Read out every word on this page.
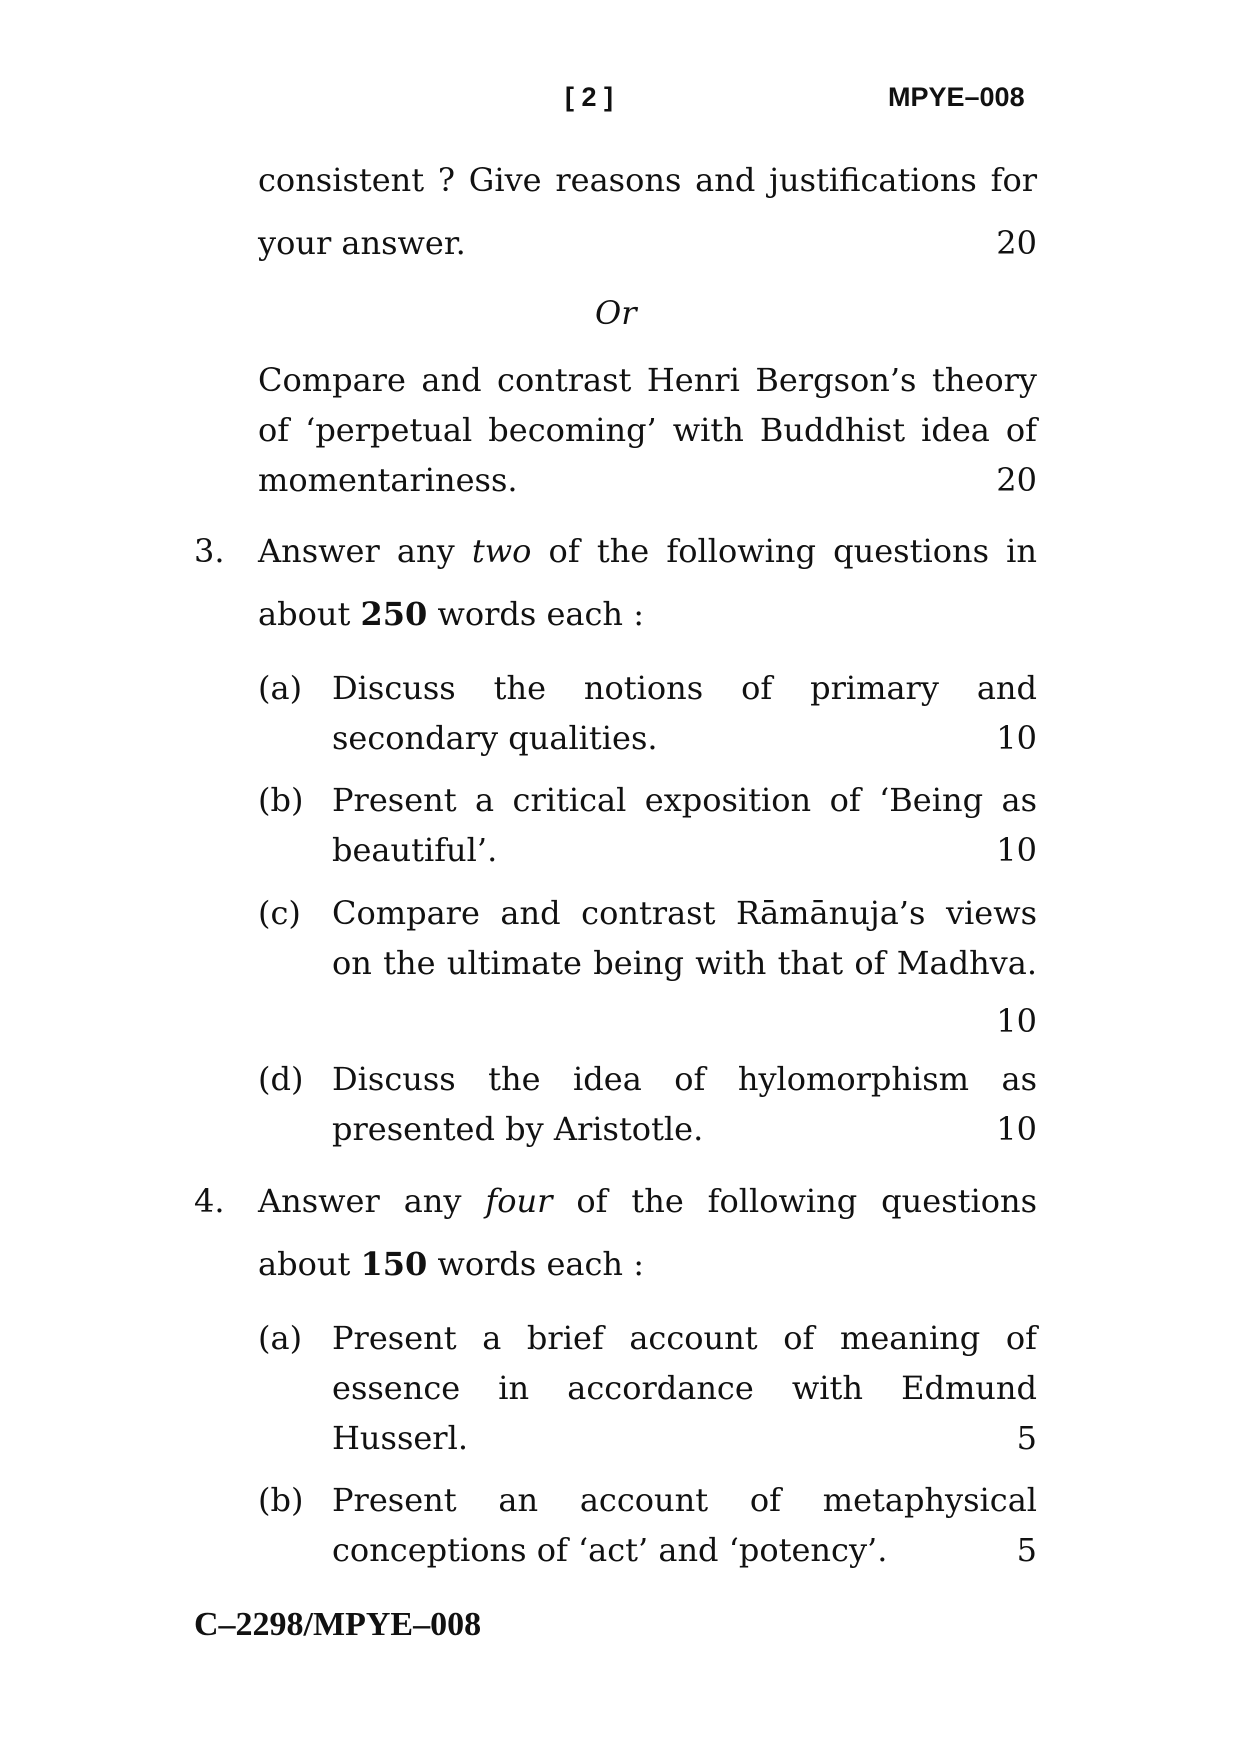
[ 2 ]	MPYE–008
consistent ? Give reasons and justifications for
your answer.	20
Or
Compare and contrast Henri Bergson’s theory
of ‘perpetual becoming’ with Buddhist idea of
momentariness.	20
3. Answer any two of the following questions in
about 250 words each :
(a) Discuss the notions of primary and
secondary qualities.	10
(b) Present a critical exposition of ‘Being as
beautiful’.	10
(c) Compare and contrast Rāmānuja’s views
on the ultimate being with that of Madhva.
10
(d) Discuss the idea of hylomorphism as
presented by Aristotle.	10
4. Answer any four of the following questions
about 150 words each :
(a) Present a brief account of meaning of
essence in accordance with Edmund
Husserl.	5
(b) Present an account of metaphysical
conceptions of ‘act’ and ‘potency’.	5
C–2298/MPYE–008
